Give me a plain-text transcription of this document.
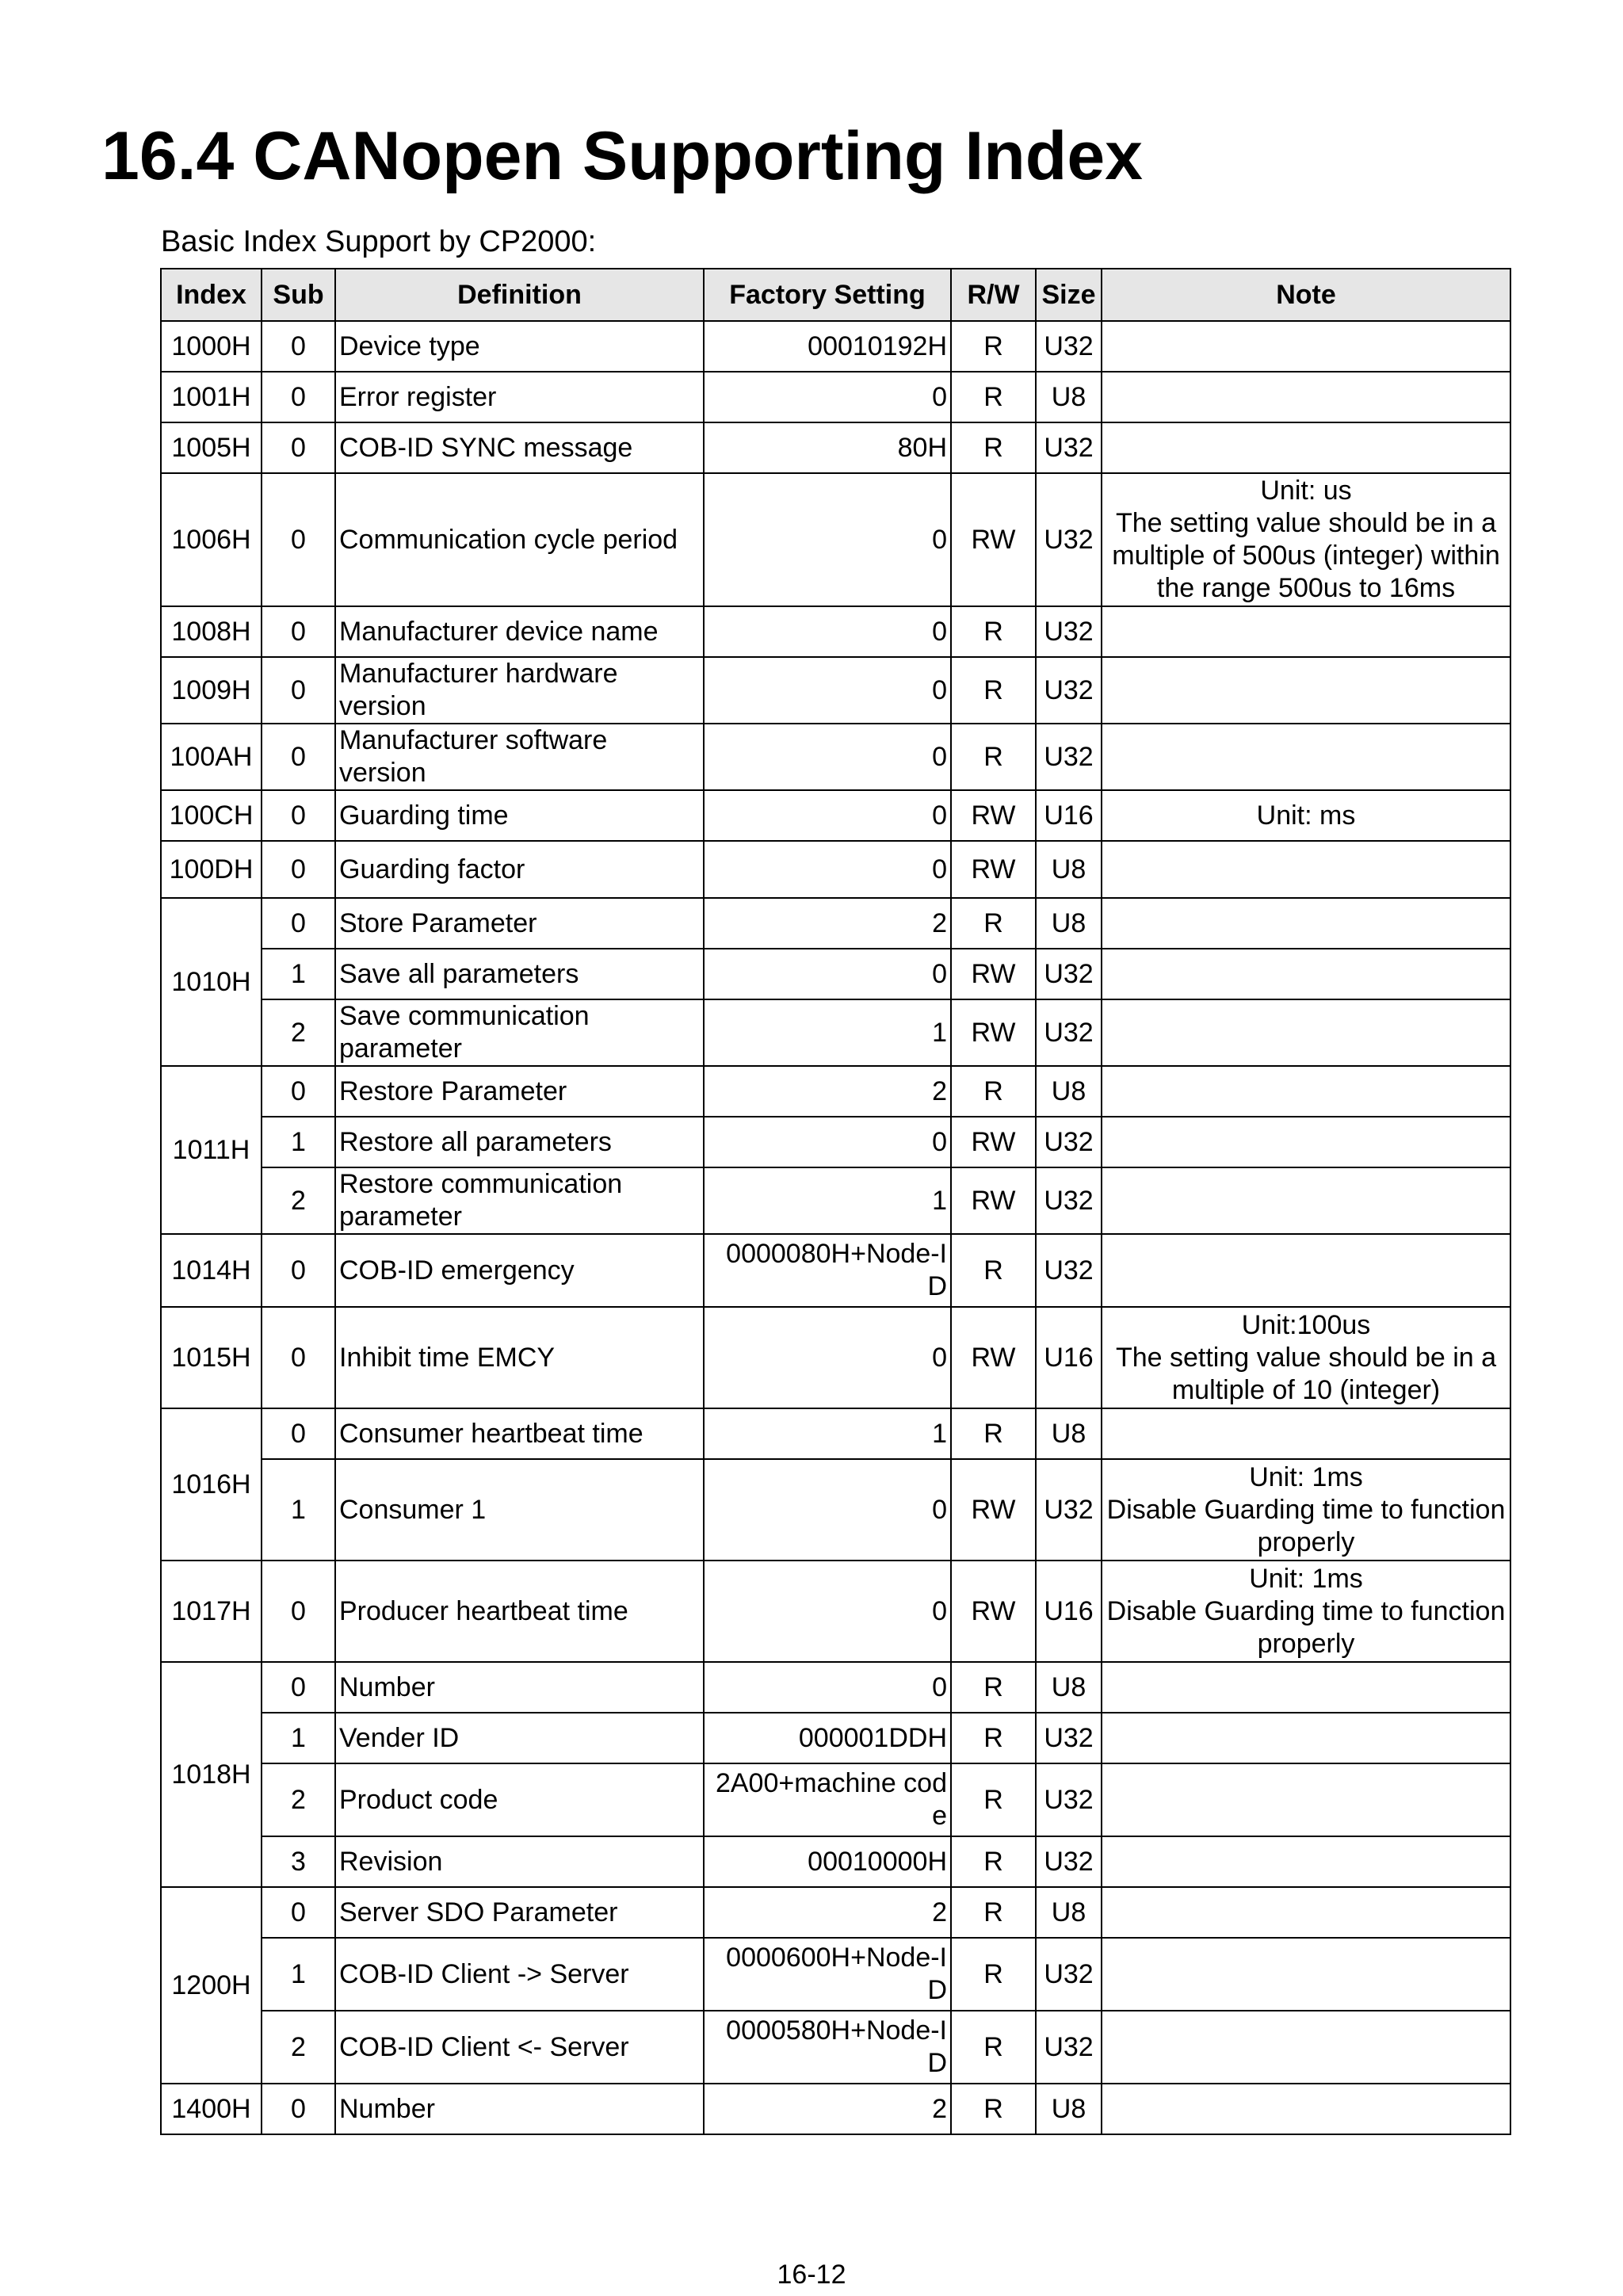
16.4 CANopen Supporting Index
Basic Index Support by CP2000:
Index	Sub	Definition	Factory Setting	R/W	Size	Note
1000H	0	Device type	00010192H	R	U32	
1001H	0	Error register	0	R	U8	
1005H	0	COB-ID SYNC message	80H	R	U32	
1006H	0	Communication cycle period	0	RW	U32	Unit: us
The setting value should be in a multiple of 500us (integer) within the range 500us to 16ms
1008H	0	Manufacturer device name	0	R	U32	
1009H	0	Manufacturer hardware version	0	R	U32	
100AH	0	Manufacturer software version	0	R	U32	
100CH	0	Guarding time	0	RW	U16	Unit: ms
100DH	0	Guarding factor	0	RW	U8	
1010H	0	Store Parameter	2	R	U8	
	1	Save all parameters	0	RW	U32	
	2	Save communication parameter	1	RW	U32	
1011H	0	Restore Parameter	2	R	U8	
	1	Restore all parameters	0	RW	U32	
	2	Restore communication parameter	1	RW	U32	
1014H	0	COB-ID emergency	0000080H+Node-ID	R	U32	
1015H	0	Inhibit time EMCY	0	RW	U16	Unit:100us
The setting value should be in a multiple of 10 (integer)
1016H	0	Consumer heartbeat time	1	R	U8	
	1	Consumer 1	0	RW	U32	Unit: 1ms
Disable Guarding time to function properly
1017H	0	Producer heartbeat time	0	RW	U16	Unit: 1ms
Disable Guarding time to function properly
1018H	0	Number	0	R	U8	
	1	Vender ID	000001DDH	R	U32	
	2	Product code	2A00+machine code	R	U32	
	3	Revision	00010000H	R	U32	
1200H	0	Server SDO Parameter	2	R	U8	
	1	COB-ID Client -> Server	0000600H+Node-ID	R	U32	
	2	COB-ID Client <- Server	0000580H+Node-ID	R	U32	
1400H	0	Number	2	R	U8	
16-12
